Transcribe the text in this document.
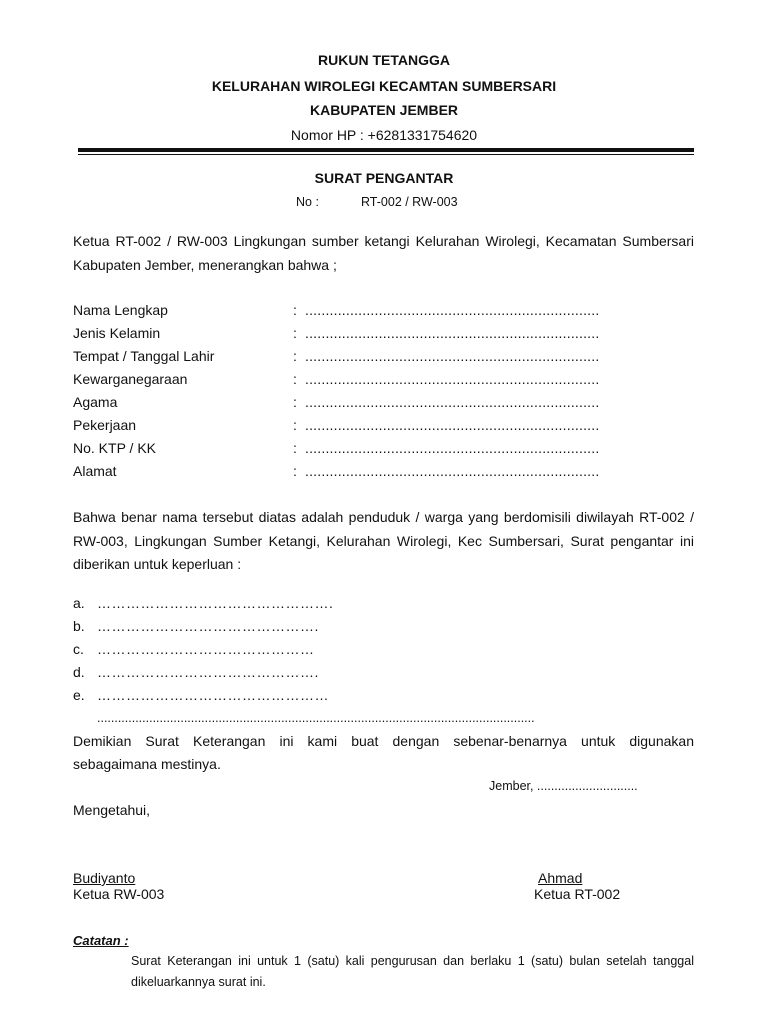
RUKUN TETANGGA
KELURAHAN WIROLEGI KECAMTAN SUMBERSARI
KABUPATEN JEMBER
Nomor HP : +6281331754620
SURAT PENGANTAR
No :	RT-002 / RW-003
Ketua RT-002 / RW-003 Lingkungan sumber ketangi Kelurahan Wirolegi, Kecamatan Sumbersari
Kabupaten Jember, menerangkan bahwa ;
Nama Lengkap	: ........................................................................
Jenis Kelamin	: ........................................................................
Tempat / Tanggal Lahir	: ........................................................................
Kewarganegaraan	: ........................................................................
Agama	: ........................................................................
Pekerjaan	: ........................................................................
No. KTP / KK	: ........................................................................
Alamat	: ........................................................................
Bahwa benar nama tersebut diatas adalah penduduk / warga yang berdomisili diwilayah RT-002 /
RW-003, Lingkungan Sumber Ketangi, Kelurahan Wirolegi, Kec Sumbersari, Surat pengantar ini
diberikan untuk keperluan :
a. ………………………………………….
b. ……………………………………….
c. ………………………………………
d. ……………………………………….
e. …………………………………………
..............................................................................................................................
Demikian Surat Keterangan ini kami buat dengan sebenar-benarnya untuk digunakan
sebagaimana mestinya.
Jember, .............................
Mengetahui,
Budiyanto
Ketua RW-003
Ahmad
Ketua RT-002
Catatan :
Surat Keterangan ini untuk 1 (satu) kali pengurusan dan berlaku 1 (satu) bulan setelah tanggal
dikeluarkannya surat ini.
